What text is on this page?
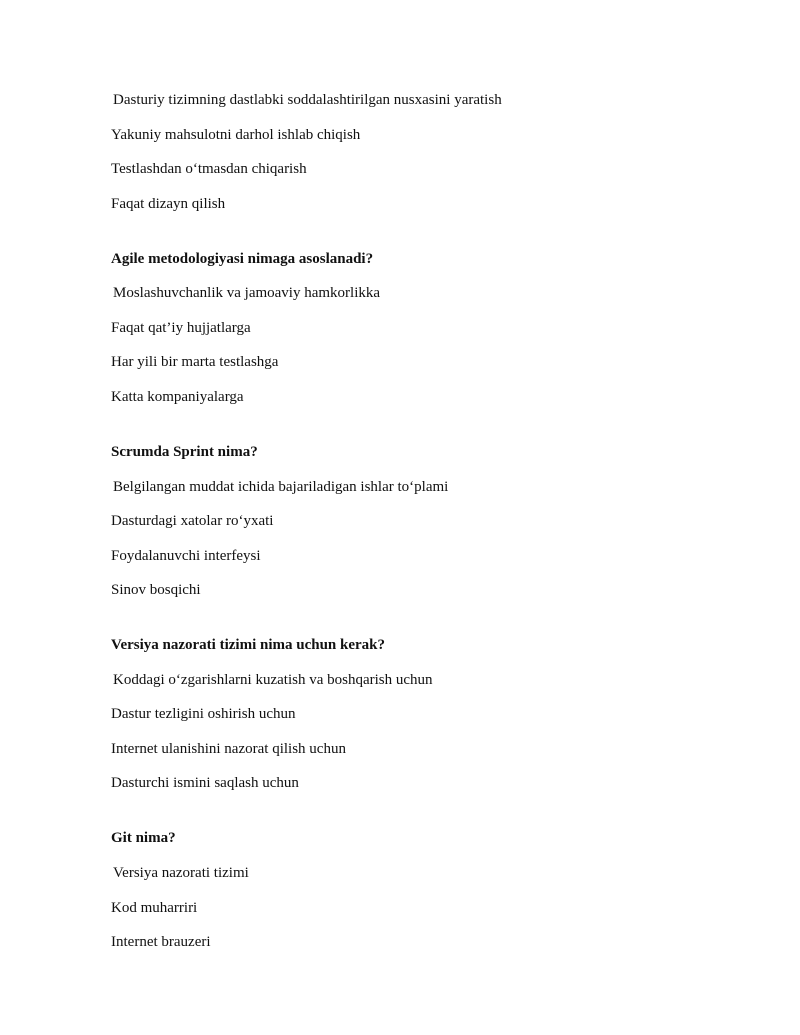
Dasturiy tizimning dastlabki soddalashtirilgan nusxasini yaratish
Yakuniy mahsulotni darhol ishlab chiqish
Testlashdan o‘tmasdan chiqarish
Faqat dizayn qilish
Agile metodologiyasi nimaga asoslanadi?
Moslashuvchanlik va jamoaviy hamkorlikka
Faqat qat’iy hujjatlarga
Har yili bir marta testlashga
Katta kompaniyalarga
Scrumda Sprint nima?
Belgilangan muddat ichida bajariladigan ishlar to‘plami
Dasturdagi xatolar ro‘yxati
Foydalanuvchi interfeysi
Sinov bosqichi
Versiya nazorati tizimi nima uchun kerak?
Koddagi o‘zgarishlarni kuzatish va boshqarish uchun
Dastur tezligini oshirish uchun
Internet ulanishini nazorat qilish uchun
Dasturchi ismini saqlash uchun
Git nima?
Versiya nazorati tizimi
Kod muharriri
Internet brauzeri
